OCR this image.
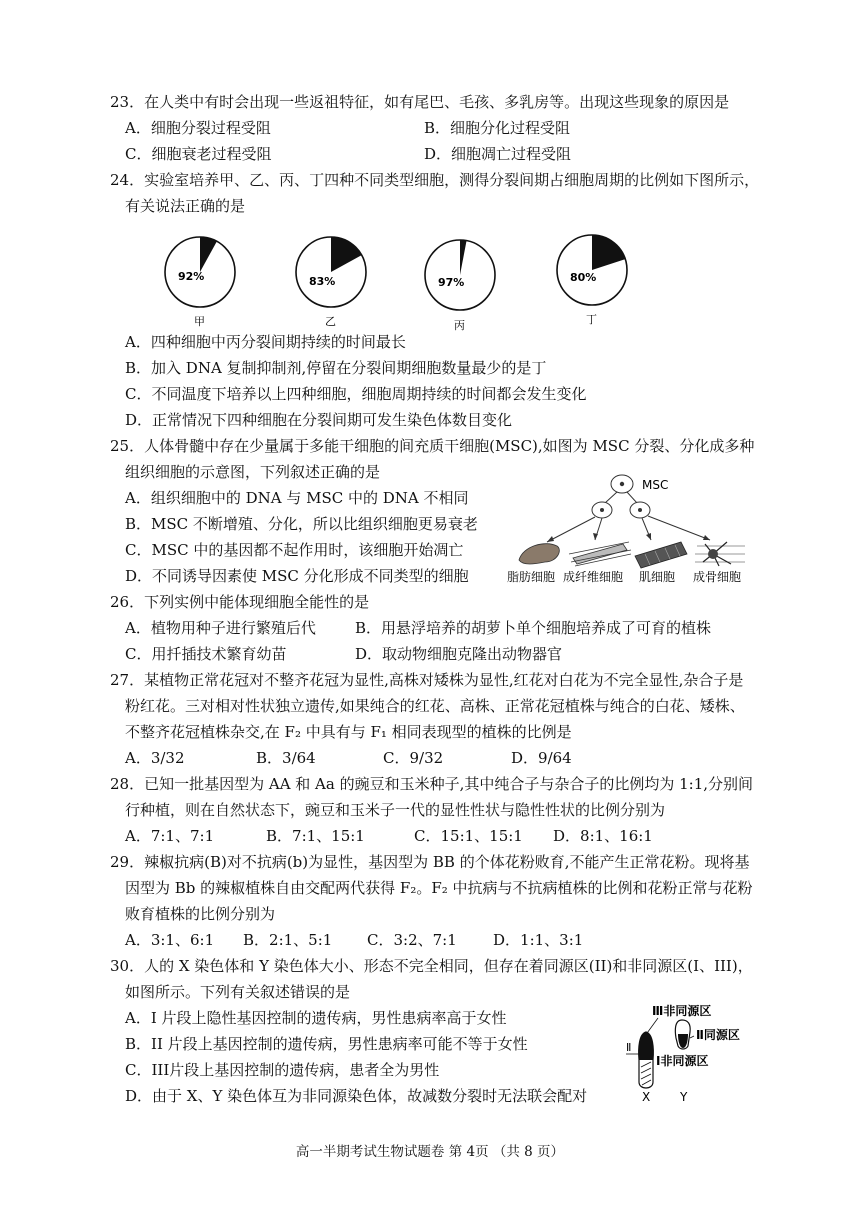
23．在人类中有时会出现一些返祖特征，如有尾巴、毛孩、多乳房等。出现这些现象的原因是
A．细胞分裂过程受阻	B．细胞分化过程受阻
C．细胞衰老过程受阻	D．细胞凋亡过程受阻
24．实验室培养甲、乙、丙、丁四种不同类型细胞，测得分裂间期占细胞周期的比例如下图所示，
有关说法正确的是
92%
甲
83%
乙
97%
丙
80%
丁
A．四种细胞中丙分裂间期持续的时间最长
B．加入 DNA 复制抑制剂,停留在分裂间期细胞数量最少的是丁
C．不同温度下培养以上四种细胞，细胞周期持续的时间都会发生变化
D．正常情况下四种细胞在分裂间期可发生染色体数目变化
25．人体骨髓中存在少量属于多能干细胞的间充质干细胞(MSC),如图为 MSC 分裂、分化成多种
组织细胞的示意图，下列叙述正确的是
A．组织细胞中的 DNA 与 MSC 中的 DNA 不相同
B．MSC 不断增殖、分化，所以比组织细胞更易衰老
C．MSC 中的基因都不起作用时，该细胞开始凋亡
D．不同诱导因素使 MSC 分化形成不同类型的细胞
MSC
脂肪细胞 成纤维细胞 肌细胞 成骨细胞
26．下列实例中能体现细胞全能性的是
A．植物用种子进行繁殖后代	B．用悬浮培养的胡萝卜单个细胞培养成了可育的植株
C．用扦插技术繁育幼苗	D．取动物细胞克隆出动物器官
27．某植物正常花冠对不整齐花冠为显性,高株对矮株为显性,红花对白花为不完全显性,杂合子是
粉红花。三对相对性状独立遗传,如果纯合的红花、高株、正常花冠植株与纯合的白花、矮株、
不整齐花冠植株杂交,在 F₂ 中具有与 F₁ 相同表现型的植株的比例是
A．3/32	B．3/64	C．9/32	D．9/64
28．已知一批基因型为 AA 和 Aa 的豌豆和玉米种子,其中纯合子与杂合子的比例均为 1:1,分别间
行种植，则在自然状态下，豌豆和玉米子一代的显性性状与隐性性状的比例分别为
A．7:1、7:1	B．7:1、15:1	C．15:1、15:1 D．8:1、16:1
29．辣椒抗病(B)对不抗病(b)为显性，基因型为 BB 的个体花粉败育,不能产生正常花粉。现将基
因型为 Bb 的辣椒植株自由交配两代获得 F₂。F₂ 中抗病与不抗病植株的比例和花粉正常与花粉
败育植株的比例分别为
A．3:1、6:1 B．2:1、5:1 C．3:2、7:1 D．1:1、3:1
30．人的 X 染色体和 Y 染色体大小、形态不完全相同，但存在着同源区(II)和非同源区(I、III)，
如图所示。下列有关叙述错误的是
A．I 片段上隐性基因控制的遗传病，男性患病率高于女性
B．II 片段上基因控制的遗传病，男性患病率可能不等于女性
C．III片段上基因控制的遗传病，患者全为男性
D．由于 X、Y 染色体互为非同源染色体，故减数分裂时无法联会配对
Ⅲ非同源区
Ⅱ同源区
Ⅰ非同源区
Ⅱ
X Y
高一半期考试生物试题卷 第 4页 （共 8 页）
